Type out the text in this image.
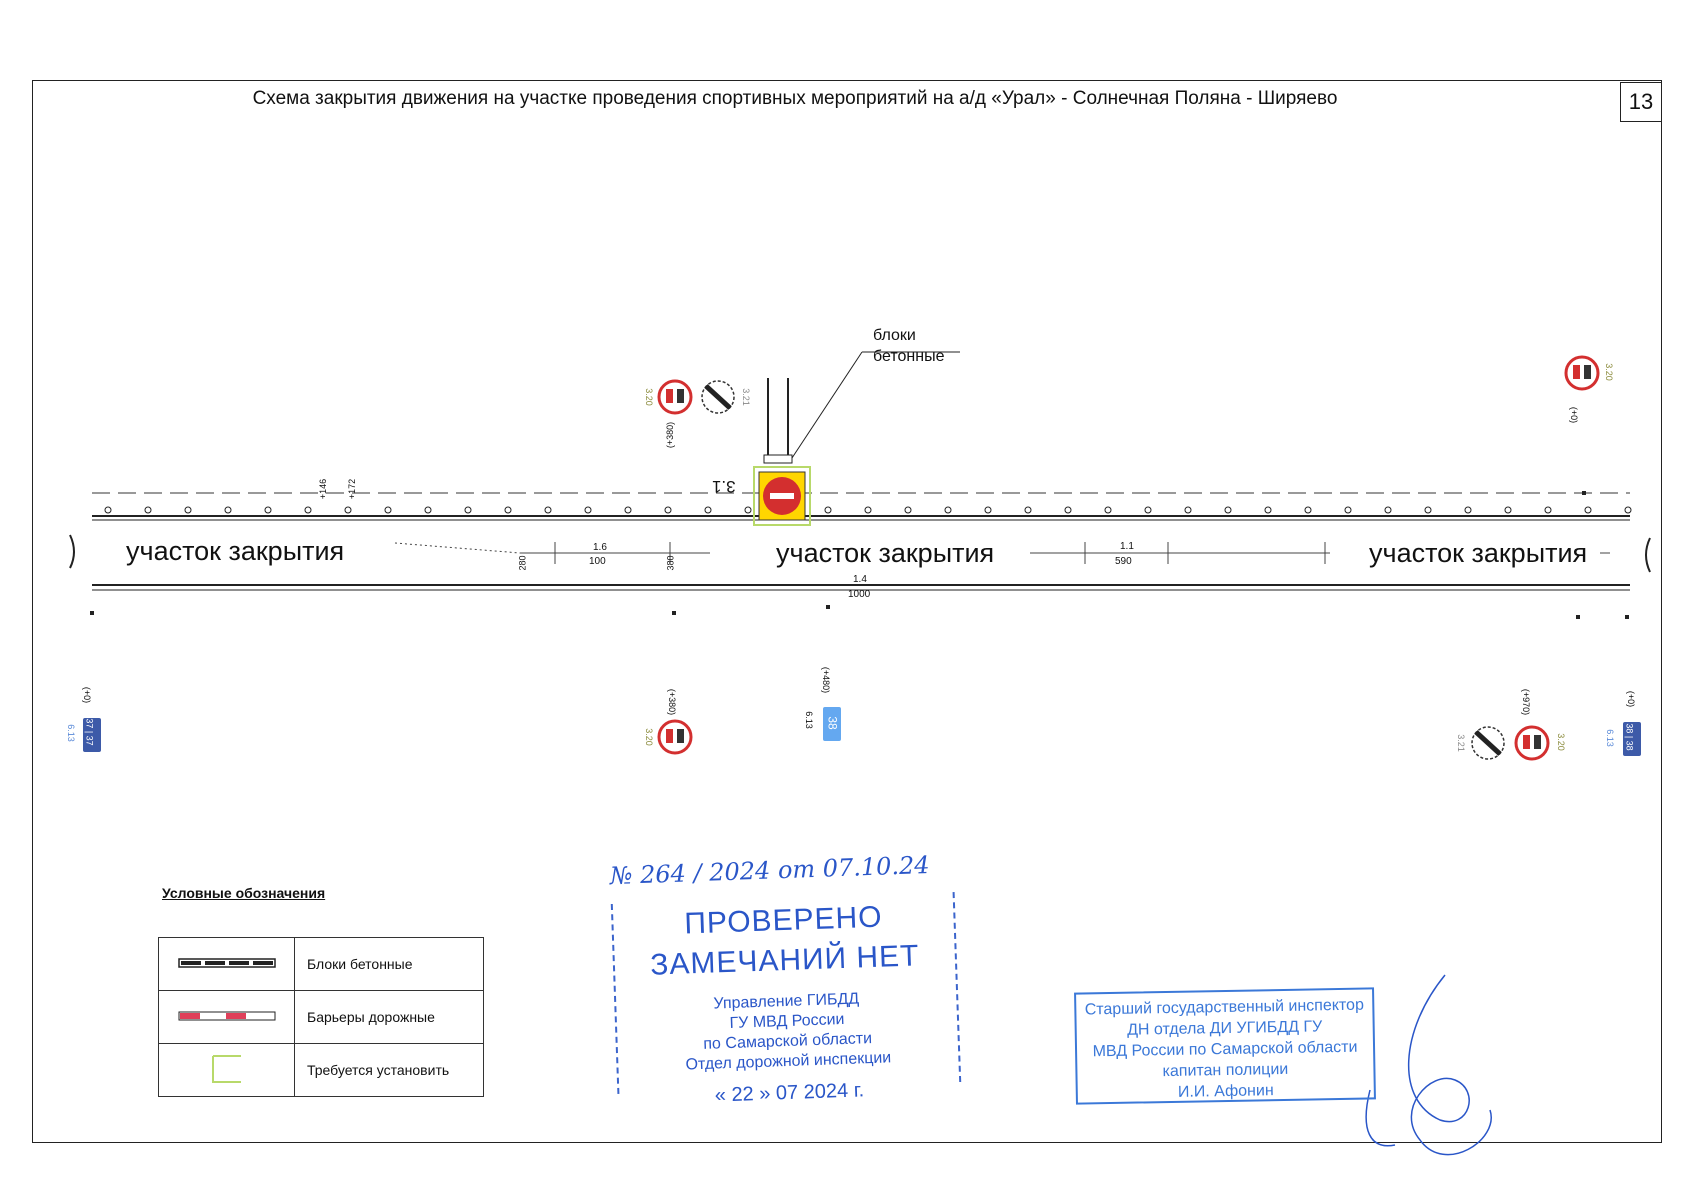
Схема закрытия движения на участке проведения спортивных мероприятий на а/д «Урал» - Солнечная Поляна - Ширяево	13
участок закрытия	участок закрытия	участок закрытия
+146 +172
1.6
100
1.1
590
1.4
1000
280	380
3.1
блоки
бетонные
3.20	3.21
(+380)
3.20
(+0)
(+0)
6.13 37 | 37
(+380)
3.20
(+480)
6.13 38
3.21
(+970)
3.20
(+0)
6.13 38 | 38
Условные обозначения
	Блоки бетонные
	Барьеры дорожные
	Требуется установить
№ 264 / 2024 от 07.10.24
ПРОВЕРЕНО
ЗАМЕЧАНИЙ НЕТ
Управление ГИБДД
ГУ МВД России
по Самарской области
Отдел дорожной инспекции
« 22 » 07 2024 г.
Старший государственный инспектор
ДН отдела ДИ УГИБДД ГУ
МВД России по Самарской области
капитан полиции
И.И. Афонин
